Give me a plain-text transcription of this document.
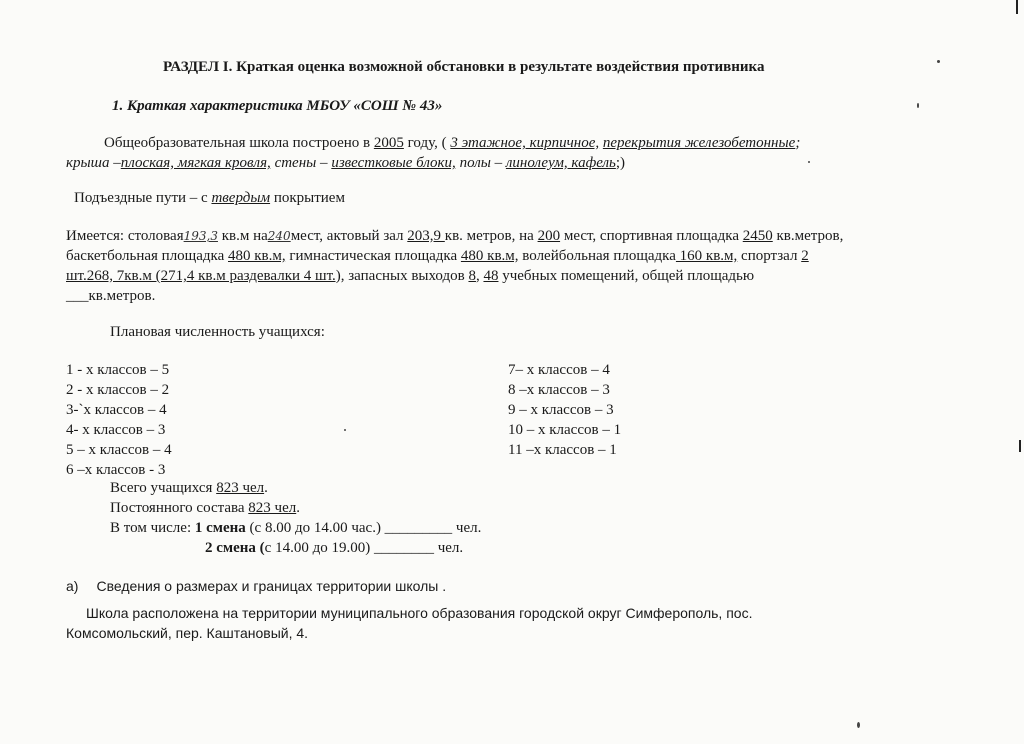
РАЗДЕЛ I. Краткая оценка возможной обстановки в результате воздействия противника
1. Краткая характеристика МБОУ «СОШ № 43»
Общеобразовательная школа построено в 2005 году, ( 3 этажное, кирпичное, перекрытия железобетонные;
крыша –плоская, мягкая кровля, стены – известковые блоки, полы – линолеум, кафель;)
Подъездные пути – с твердым покрытием
Имеется: столовая193,3 кв.м на240мест, актовый зал 203,9 кв. метров, на 200 мест, спортивная площадка 2450 кв.метров,
баскетбольная площадка 480 кв.м, гимнастическая площадка 480 кв.м, волейбольная площадка 160 кв.м, спортзал 2
шт.268, 7кв.м (271,4 кв.м раздевалки 4 шт.), запасных выходов 8, 48 учебных помещений, общей площадью
___кв.метров.
Плановая численность учащихся:
1 - х классов – 5
2 - х классов – 2
3-`х классов – 4
4- х классов – 3
5 – х классов – 4
6 –х классов - 3
7– х классов – 4
8 –х классов – 3
9 – х классов – 3
10 – х классов – 1
11 –х классов – 1
Всего учащихся 823 чел.
Постоянного состава 823 чел.
В том числе: 1 смена (с 8.00 до 14.00 час.) _________ чел.
2 смена (с 14.00 до 19.00) ________ чел.
а) Сведения о размерах и границах территории школы .
Школа расположена на территории муниципального образования городской округ Симферополь, пос.
Комсомольский, пер. Каштановый, 4.
